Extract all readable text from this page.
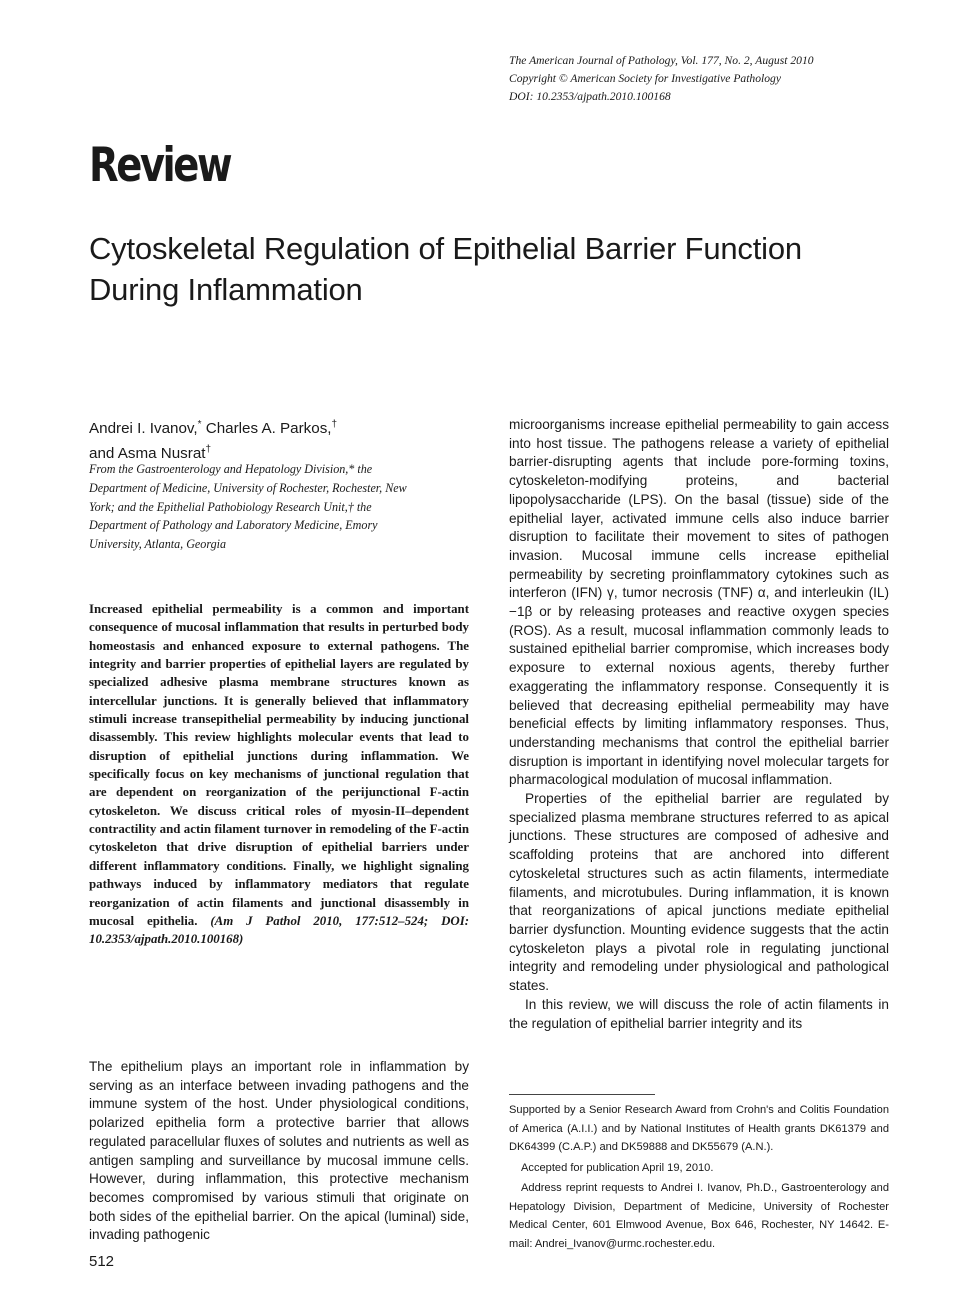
The American Journal of Pathology, Vol. 177, No. 2, August 2010
Copyright © American Society for Investigative Pathology
DOI: 10.2353/ajpath.2010.100168
Review
Cytoskeletal Regulation of Epithelial Barrier Function
During Inflammation
Andrei I. Ivanov,* Charles A. Parkos,†
and Asma Nusrat†
From the Gastroenterology and Hepatology Division,* the
Department of Medicine, University of Rochester, Rochester, New
York; and the Epithelial Pathobiology Research Unit,† the
Department of Pathology and Laboratory Medicine, Emory
University, Atlanta, Georgia
Increased epithelial permeability is a common and important consequence of mucosal inflammation that results in perturbed body homeostasis and enhanced exposure to external pathogens. The integrity and barrier properties of epithelial layers are regulated by specialized adhesive plasma membrane structures known as intercellular junctions. It is generally believed that inflammatory stimuli increase transepithelial permeability by inducing junctional disassembly. This review highlights molecular events that lead to disruption of epithelial junctions during inflammation. We specifically focus on key mechanisms of junctional regulation that are dependent on reorganization of the perijunctional F-actin cytoskeleton. We discuss critical roles of myosin-II–dependent contractility and actin filament turnover in remodeling of the F-actin cytoskeleton that drive disruption of epithelial barriers under different inflammatory conditions. Finally, we highlight signaling pathways induced by inflammatory mediators that regulate reorganization of actin filaments and junctional disassembly in mucosal epithelia. (Am J Pathol 2010, 177:512–524; DOI: 10.2353/ajpath.2010.100168)

The epithelium plays an important role in inflammation by serving as an interface between invading pathogens and the immune system of the host. Under physiological conditions, polarized epithelia form a protective barrier that allows regulated paracellular fluxes of solutes and nutrients as well as antigen sampling and surveillance by mucosal immune cells. However, during inflammation, this protective mechanism becomes compromised by various stimuli that originate on both sides of the epithelial barrier. On the apical (luminal) side, invading pathogenic

microorganisms increase epithelial permeability to gain access into host tissue. The pathogens release a variety of epithelial barrier-disrupting agents that include pore-forming toxins, cytoskeleton-modifying proteins, and bacterial lipopolysaccharide (LPS). On the basal (tissue) side of the epithelial layer, activated immune cells also induce barrier disruption to facilitate their movement to sites of pathogen invasion. Mucosal immune cells increase epithelial permeability by secreting proinflammatory cytokines such as interferon (IFN) γ, tumor necrosis (TNF) α, and interleukin (IL)−1β or by releasing proteases and reactive oxygen species (ROS). As a result, mucosal inflammation commonly leads to sustained epithelial barrier compromise, which increases body exposure to external noxious agents, thereby further exaggerating the inflammatory response. Consequently it is believed that decreasing epithelial permeability may have beneficial effects by limiting inflammatory responses. Thus, understanding mechanisms that control the epithelial barrier disruption is important in identifying novel molecular targets for pharmacological modulation of mucosal inflammation.

Properties of the epithelial barrier are regulated by specialized plasma membrane structures referred to as apical junctions. These structures are composed of adhesive and scaffolding proteins that are anchored into different cytoskeletal structures such as actin filaments, intermediate filaments, and microtubules. During inflammation, it is known that reorganizations of apical junctions mediate epithelial barrier dysfunction. Mounting evidence suggests that the actin cytoskeleton plays a pivotal role in regulating junctional integrity and remodeling under physiological and pathological states.

In this review, we will discuss the role of actin filaments in the regulation of epithelial barrier integrity and its

Supported by a Senior Research Award from Crohn's and Colitis Foundation of America (A.I.I.) and by National Institutes of Health grants DK61379 and DK64399 (C.A.P.) and DK59888 and DK55679 (A.N.).

Accepted for publication April 19, 2010.

Address reprint requests to Andrei I. Ivanov, Ph.D., Gastroenterology and Hepatology Division, Department of Medicine, University of Rochester Medical Center, 601 Elmwood Avenue, Box 646, Rochester, NY 14642. E-mail: Andrei_Ivanov@urmc.rochester.edu.

512
